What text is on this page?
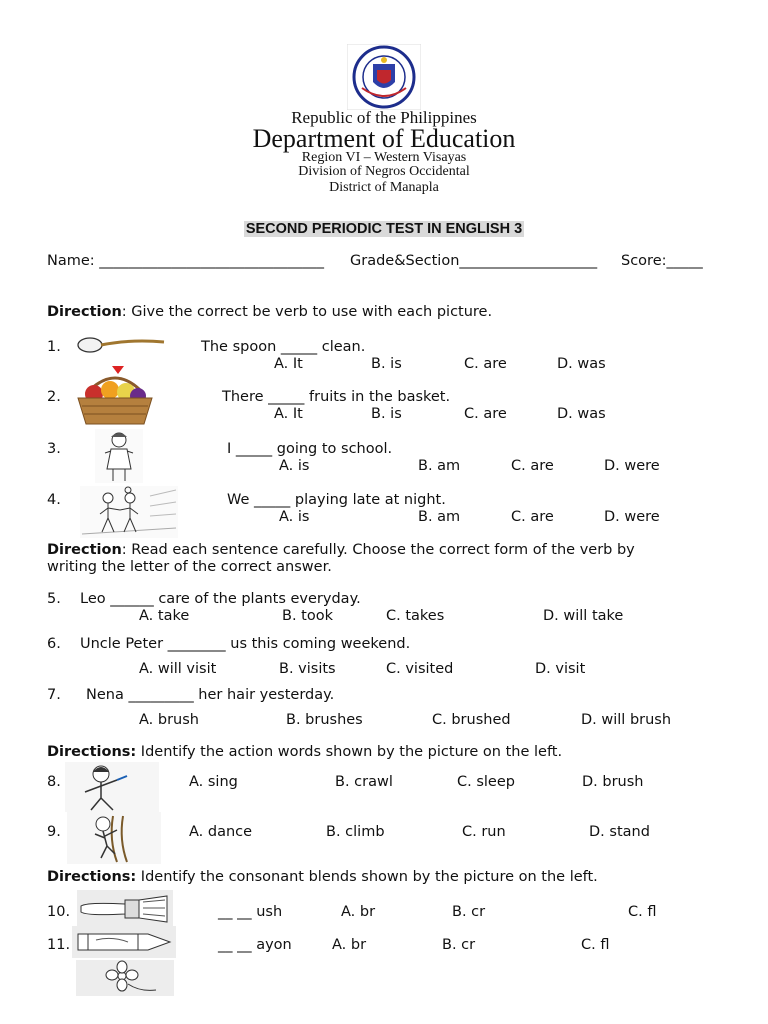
Republic of the Philippines
Department of Education
Region VI – Western Visayas
Division of Negros Occidental
District of Manapla
SECOND PERIODIC TEST IN ENGLISH 3
Name: _______________________________ Grade&Section___________________ Score:_____
Direction: Give the correct be verb to use with each picture.
1.	The spoon _____ clean.
A. It	B. is	C. are	D. was
2.	There _____ fruits in the basket.
A. It	B. is	C. are	D. was
3.	I _____ going to school.
A. is	B. am	C. are	D. were
4.	We _____ playing late at night.
A. is	B. am	C. are	D. were
Direction: Read each sentence carefully. Choose the correct form of the verb by
writing the letter of the correct answer.
5. Leo ______ care of the plants everyday.
A. take	B. took	C. takes	D. will take
6. Uncle Peter ________ us this coming weekend.
A. will visit	B. visits	C. visited	D. visit
7. Nena _________ her hair yesterday.
A. brush	B. brushes	C. brushed	D. will brush
Directions: Identify the action words shown by the picture on the left.
8.	A. sing	B. crawl	C. sleep	D. brush
9.	A. dance	B. climb	C. run	D. stand
Directions: Identify the consonant blends shown by the picture on the left.
10.	__ __ ush	A. br	B. cr	C. fl
11.	__ __ ayon	A. br	B. cr	C. fl
